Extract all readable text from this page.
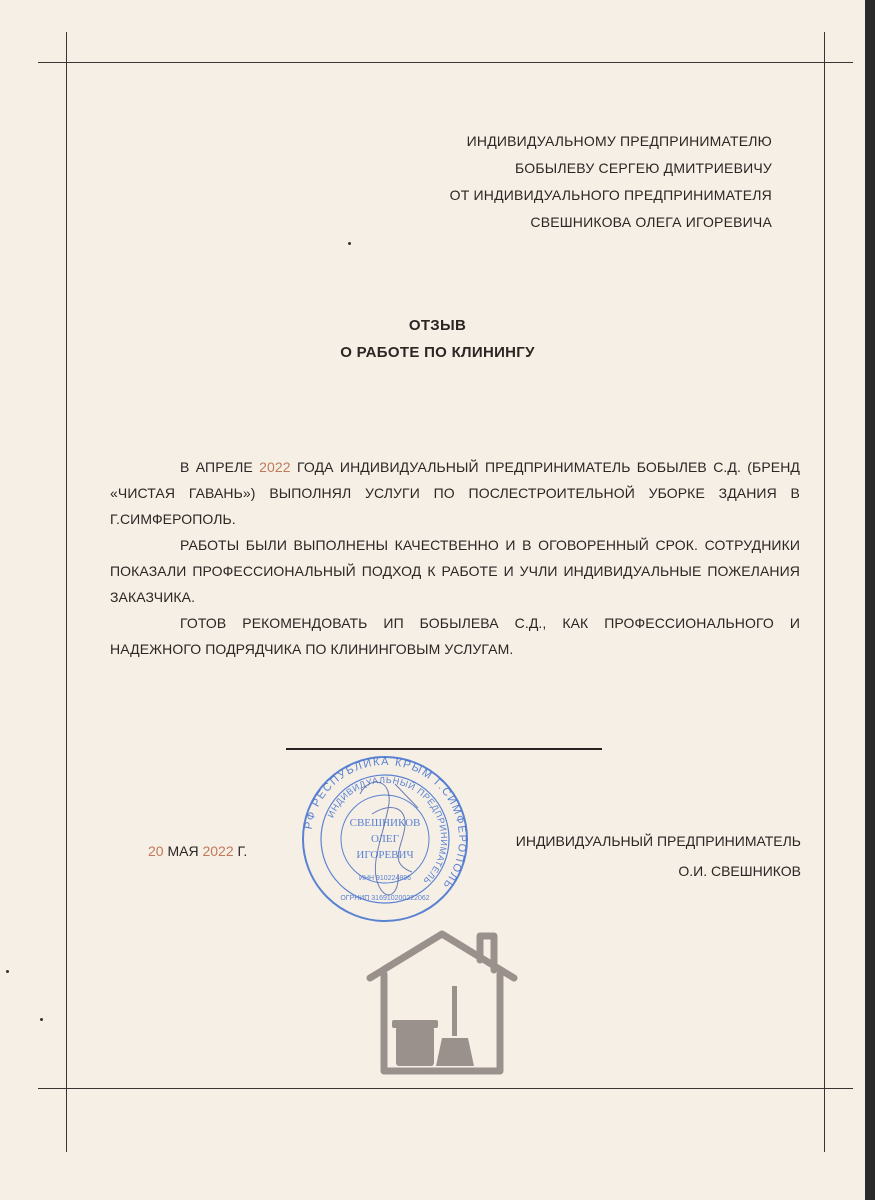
ИНДИВИДУАЛЬНОМУ ПРЕДПРИНИМАТЕЛЮ
БОБЫЛЕВУ СЕРГЕЮ ДМИТРИЕВИЧУ
ОТ ИНДИВИДУАЛЬНОГО ПРЕДПРИНИМАТЕЛЯ
СВЕШНИКОВА ОЛЕГА ИГОРЕВИЧА
ОТЗЫВ
О РАБОТЕ ПО КЛИНИНГУ

В АПРЕЛЕ 2022 ГОДА ИНДИВИДУАЛЬНЫЙ ПРЕДПРИНИМАТЕЛЬ БОБЫЛЕВ С.Д. (БРЕНД «ЧИСТАЯ ГАВАНЬ») ВЫПОЛНЯЛ УСЛУГИ ПО ПОСЛЕСТРОИТЕЛЬНОЙ УБОРКЕ ЗДАНИЯ В Г.СИМФЕРОПОЛЬ.

РАБОТЫ БЫЛИ ВЫПОЛНЕНЫ КАЧЕСТВЕННО И В ОГОВОРЕННЫЙ СРОК. СОТРУДНИКИ ПОКАЗАЛИ ПРОФЕССИОНАЛЬНЫЙ ПОДХОД К РАБОТЕ И УЧЛИ ИНДИВИДУАЛЬНЫЕ ПОЖЕЛАНИЯ ЗАКАЗЧИКА.

ГОТОВ РЕКОМЕНДОВАТЬ ИП БОБЫЛЕВА С.Д., КАК ПРОФЕССИОНАЛЬНОГО И НАДЕЖНОГО ПОДРЯДЧИКА ПО КЛИНИНГОВЫМ УСЛУГАМ.

20 МАЯ 2022 Г.
ИНДИВИДУАЛЬНЫЙ ПРЕДПРИНИМАТЕЛЬ
О.И. СВЕШНИКОВ
РФ РЕСПУБЛИКА КРЫМ Г.СИМФЕРОПОЛЬ
ИНДИВИДУАЛЬНЫЙ ПРЕДПРИНИМАТЕЛЬ
СВЕШНИКОВ
ОЛЕГ
ИГОРЕВИЧ
ИНН 910224896
ОГРНИП 316910200222062
